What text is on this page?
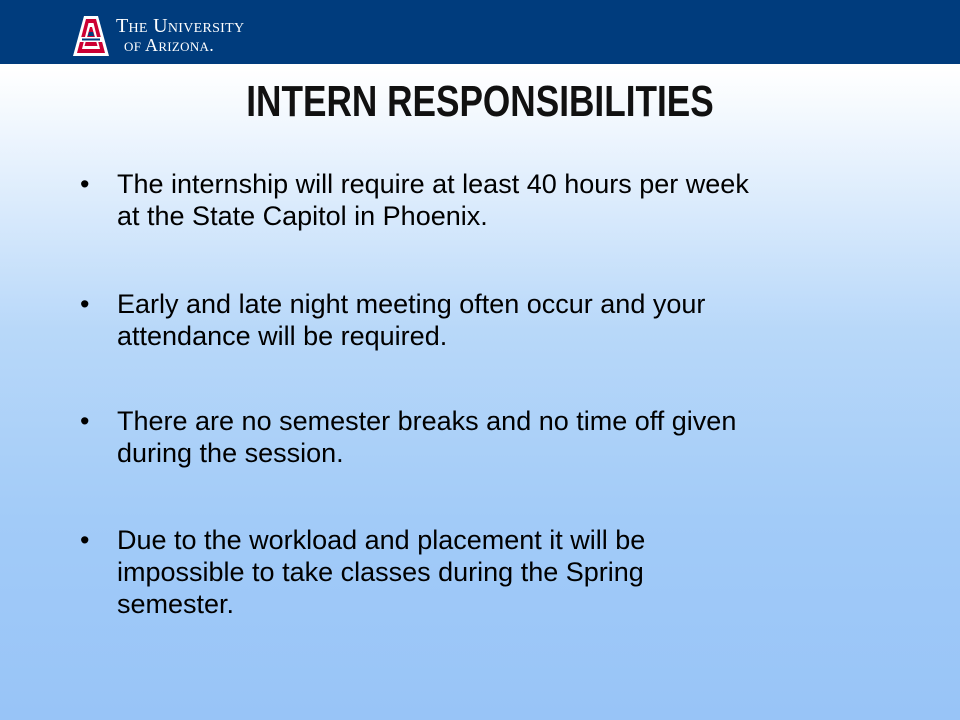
The University
of Arizona.
INTERN RESPONSIBILITIES
• The internship will require at least 40 hours per week
at the State Capitol in Phoenix.
• Early and late night meeting often occur and your
attendance will be required.
• There are no semester breaks and no time off given
during the session.
• Due to the workload and placement it will be
impossible to take classes during the Spring
semester.
